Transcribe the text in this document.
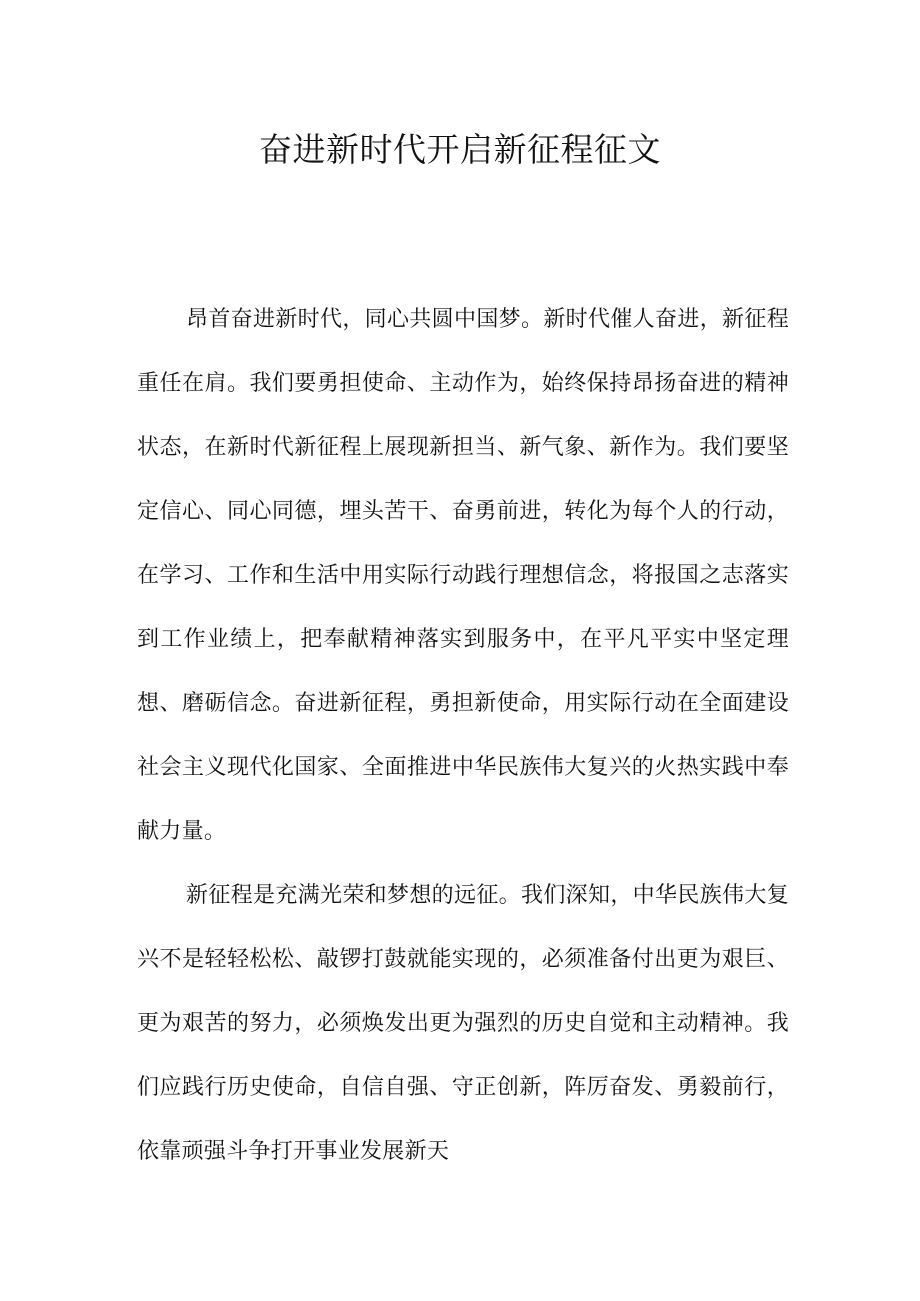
奋进新时代开启新征程征文

昂首奋进新时代，同心共圆中国梦。新时代催人奋进，新征程重任在肩。我们要勇担使命、主动作为，始终保持昂扬奋进的精神状态，在新时代新征程上展现新担当、新气象、新作为。我们要坚定信心、同心同德，埋头苦干、奋勇前进，转化为每个人的行动，在学习、工作和生活中用实际行动践行理想信念，将报国之志落实到工作业绩上，把奉献精神落实到服务中，在平凡平实中坚定理想、磨砺信念。奋进新征程，勇担新使命，用实际行动在全面建设社会主义现代化国家、全面推进中华民族伟大复兴的火热实践中奉献力量。

新征程是充满光荣和梦想的远征。我们深知，中华民族伟大复兴不是轻轻松松、敲锣打鼓就能实现的，必须准备付出更为艰巨、更为艰苦的努力，必须焕发出更为强烈的历史自觉和主动精神。我们应践行历史使命，自信自强、守正创新，阵厉奋发、勇毅前行，依靠顽强斗争打开事业发展新天
